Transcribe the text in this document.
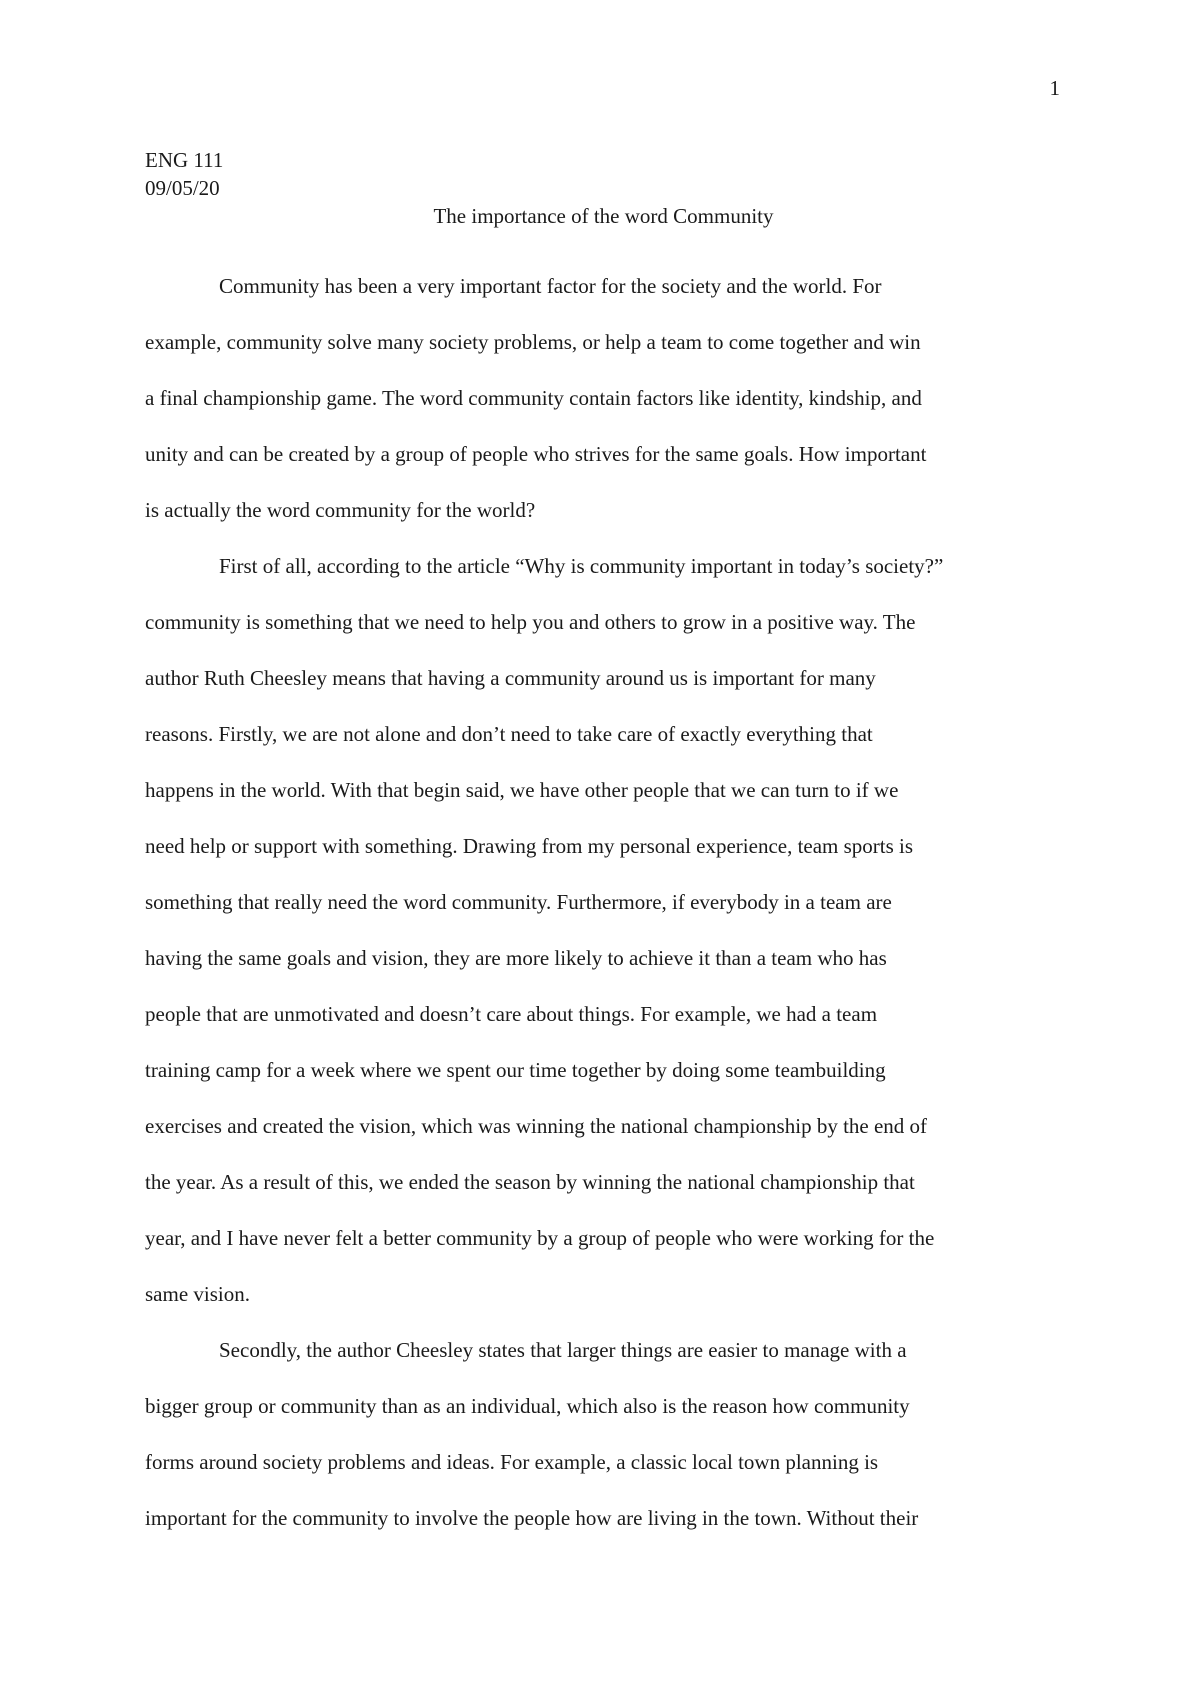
1
ENG 111
09/05/20
The importance of the word Community
Community has been a very important factor for the society and the world. For
example, community solve many society problems, or help a team to come together and win
a final championship game. The word community contain factors like identity, kindship, and
unity and can be created by a group of people who strives for the same goals. How important
is actually the word community for the world?
First of all, according to the article “Why is community important in today’s society?”
community is something that we need to help you and others to grow in a positive way. The
author Ruth Cheesley means that having a community around us is important for many
reasons. Firstly, we are not alone and don’t need to take care of exactly everything that
happens in the world. With that begin said, we have other people that we can turn to if we
need help or support with something. Drawing from my personal experience, team sports is
something that really need the word community. Furthermore, if everybody in a team are
having the same goals and vision, they are more likely to achieve it than a team who has
people that are unmotivated and doesn’t care about things. For example, we had a team
training camp for a week where we spent our time together by doing some teambuilding
exercises and created the vision, which was winning the national championship by the end of
the year. As a result of this, we ended the season by winning the national championship that
year, and I have never felt a better community by a group of people who were working for the
same vision.
Secondly, the author Cheesley states that larger things are easier to manage with a
bigger group or community than as an individual, which also is the reason how community
forms around society problems and ideas. For example, a classic local town planning is
important for the community to involve the people how are living in the town. Without their
